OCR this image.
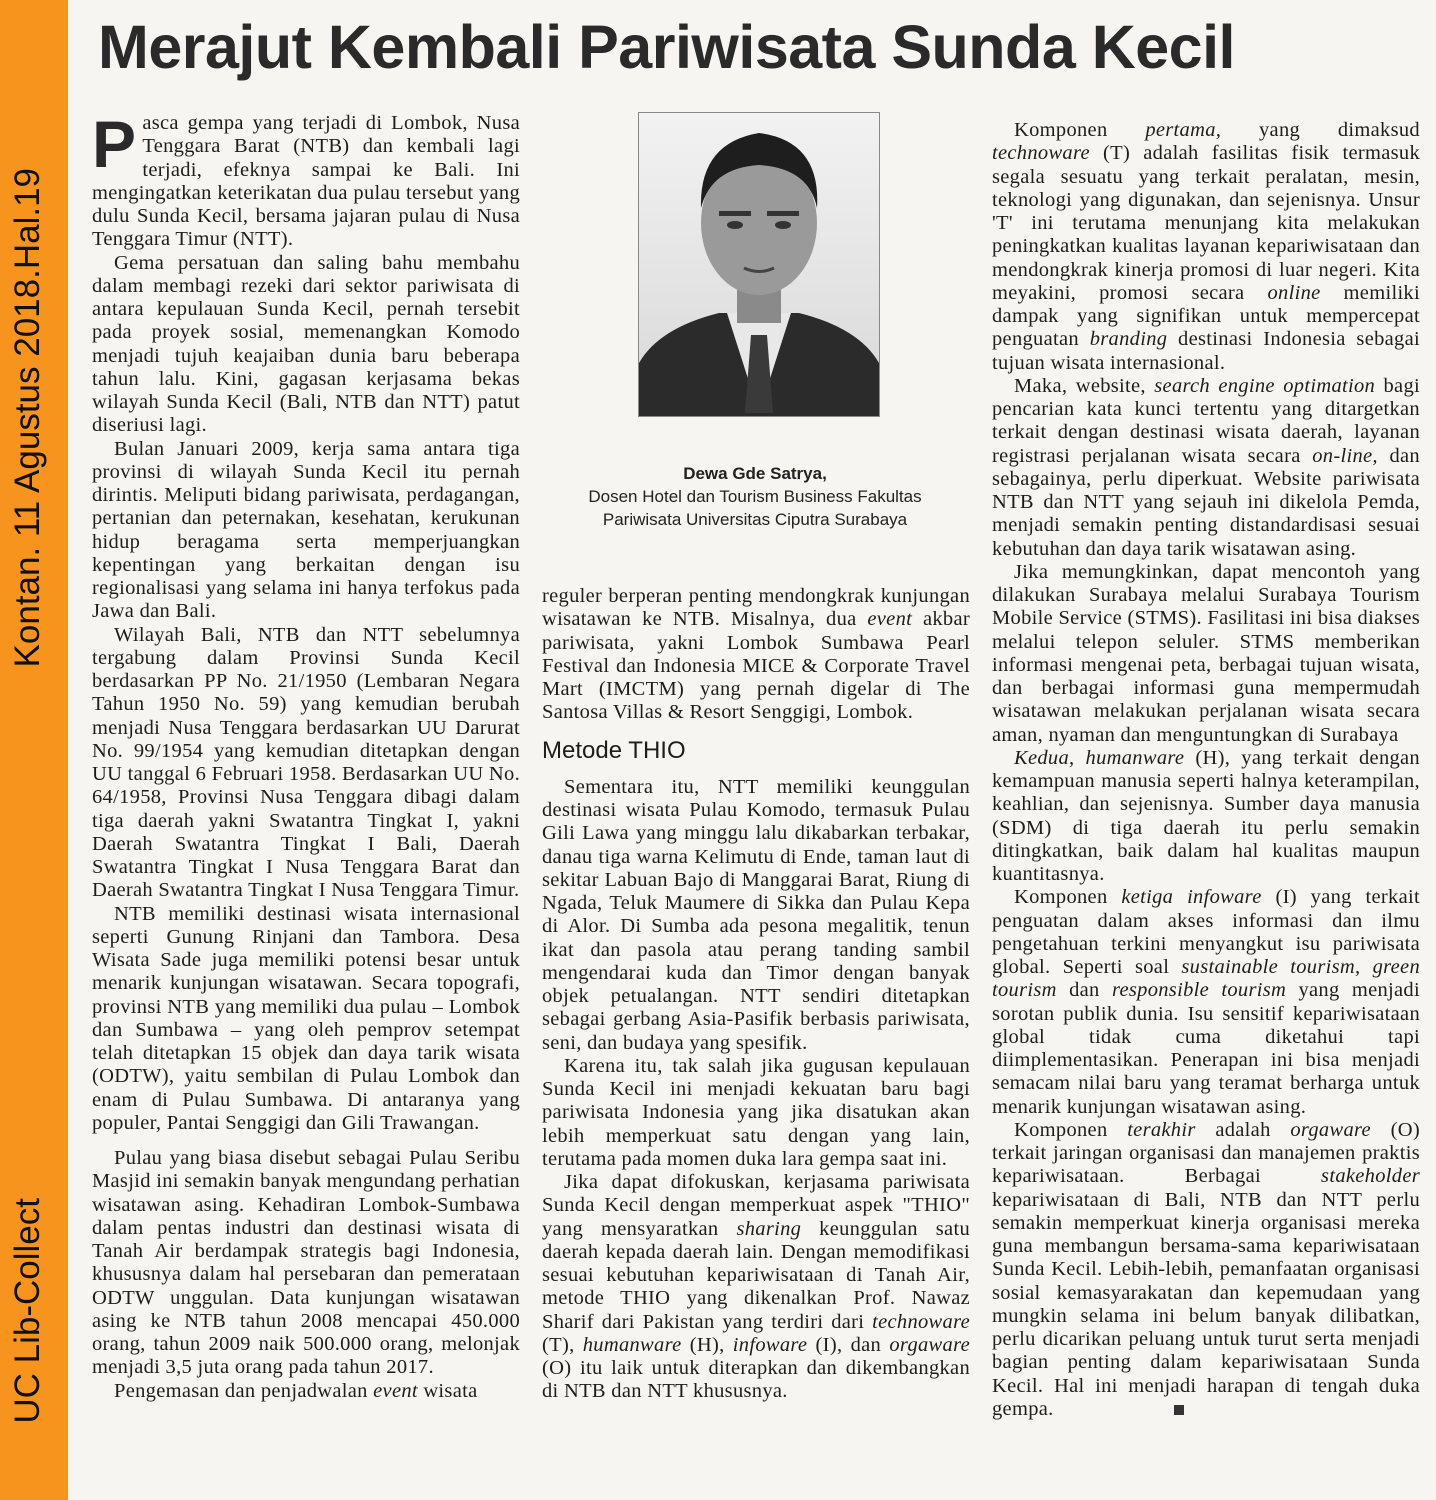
Kontan. 11 Agustus 2018.Hal.19
UC Lib-Collect
Merajut Kembali Pariwisata Sunda Kecil
P asca gempa yang terjadi di Lombok, Nusa Tenggara Barat (NTB) dan kembali lagi terjadi, efeknya sampai ke Bali. Ini mengingatkan keterikatan dua pulau tersebut yang dulu Sunda Kecil, bersama jajaran pulau di Nusa Tenggara Timur (NTT).

Gema persatuan dan saling bahu membahu dalam membagi rezeki dari sektor pariwisata di antara kepulauan Sunda Kecil, pernah tersebit pada proyek sosial, memenangkan Komodo menjadi tujuh keajaiban dunia baru beberapa tahun lalu. Kini, gagasan kerjasama bekas wilayah Sunda Kecil (Bali, NTB dan NTT) patut diseriusi lagi.

Bulan Januari 2009, kerja sama antara tiga provinsi di wilayah Sunda Kecil itu pernah dirintis. Meliputi bidang pariwisata, perdagangan, pertanian dan peternakan, kesehatan, kerukunan hidup beragama serta memperjuangkan kepentingan yang berkaitan dengan isu regionalisasi yang selama ini hanya terfokus pada Jawa dan Bali.

Wilayah Bali, NTB dan NTT sebelumnya tergabung dalam Provinsi Sunda Kecil berdasarkan PP No. 21/1950 (Lembaran Negara Tahun 1950 No. 59) yang kemudian berubah menjadi Nusa Tenggara berdasarkan UU Darurat No. 99/1954 yang kemudian ditetapkan dengan UU tanggal 6 Februari 1958. Berdasarkan UU No. 64/1958, Provinsi Nusa Tenggara dibagi dalam tiga daerah yakni Swatantra Tingkat I, yakni Daerah Swatantra Tingkat I Bali, Daerah Swatantra Tingkat I Nusa Tenggara Barat dan Daerah Swatantra Tingkat I Nusa Tenggara Timur.

NTB memiliki destinasi wisata internasional seperti Gunung Rinjani dan Tambora. Desa Wisata Sade juga memiliki potensi besar untuk menarik kunjungan wisatawan. Secara topografi, provinsi NTB yang memiliki dua pulau – Lombok dan Sumbawa – yang oleh pemprov setempat telah ditetapkan 15 objek dan daya tarik wisata (ODTW), yaitu sembilan di Pulau Lombok dan enam di Pulau Sumbawa. Di antaranya yang populer, Pantai Senggigi dan Gili Trawangan.

Pulau yang biasa disebut sebagai Pulau Seribu Masjid ini semakin banyak mengundang perhatian wisatawan asing. Kehadiran Lombok-Sumbawa dalam pentas industri dan destinasi wisata di Tanah Air berdampak strategis bagi Indonesia, khususnya dalam hal persebaran dan pemerataan ODTW unggulan. Data kunjungan wisatawan asing ke NTB tahun 2008 mencapai 450.000 orang, tahun 2009 naik 500.000 orang, melonjak menjadi 3,5 juta orang pada tahun 2017.

Pengemasan dan penjadwalan event wisata

Dewa Gde Satrya,
Dosen Hotel dan Tourism Business Fakultas
Pariwisata Universitas Ciputra Surabaya

reguler berperan penting mendongkrak kunjungan wisatawan ke NTB. Misalnya, dua event akbar pariwisata, yakni Lombok Sumbawa Pearl Festival dan Indonesia MICE & Corporate Travel Mart (IMCTM) yang pernah digelar di The Santosa Villas & Resort Senggigi, Lombok.

Metode THIO

Sementara itu, NTT memiliki keunggulan destinasi wisata Pulau Komodo, termasuk Pulau Gili Lawa yang minggu lalu dikabarkan terbakar, danau tiga warna Kelimutu di Ende, taman laut di sekitar Labuan Bajo di Manggarai Barat, Riung di Ngada, Teluk Maumere di Sikka dan Pulau Kepa di Alor. Di Sumba ada pesona megalitik, tenun ikat dan pasola atau perang tanding sambil mengendarai kuda dan Timor dengan banyak objek petualangan. NTT sendiri ditetapkan sebagai gerbang Asia-Pasifik berbasis pariwisata, seni, dan budaya yang spesifik.

Karena itu, tak salah jika gugusan kepulauan Sunda Kecil ini menjadi kekuatan baru bagi pariwisata Indonesia yang jika disatukan akan lebih memperkuat satu dengan yang lain, terutama pada momen duka lara gempa saat ini.

Jika dapat difokuskan, kerjasama pariwisata Sunda Kecil dengan memperkuat aspek "THIO" yang mensyaratkan sharing keunggulan satu daerah kepada daerah lain. Dengan memodifikasi sesuai kebutuhan kepariwisataan di Tanah Air, metode THIO yang dikenalkan Prof. Nawaz Sharif dari Pakistan yang terdiri dari technoware (T), humanware (H), infoware (I), dan orgaware (O) itu laik untuk diterapkan dan dikembangkan di NTB dan NTT khususnya.

Komponen pertama, yang dimaksud technoware (T) adalah fasilitas fisik termasuk segala sesuatu yang terkait peralatan, mesin, teknologi yang digunakan, dan sejenisnya. Unsur 'T' ini terutama menunjang kita melakukan peningkatkan kualitas layanan kepariwisataan dan mendongkrak kinerja promosi di luar negeri. Kita meyakini, promosi secara online memiliki dampak yang signifikan untuk mempercepat penguatan branding destinasi Indonesia sebagai tujuan wisata internasional.

Maka, website, search engine optimation bagi pencarian kata kunci tertentu yang ditargetkan terkait dengan destinasi wisata daerah, layanan registrasi perjalanan wisata secara on-line, dan sebagainya, perlu diperkuat. Website pariwisata NTB dan NTT yang sejauh ini dikelola Pemda, menjadi semakin penting distandardisasi sesuai kebutuhan dan daya tarik wisatawan asing.

Jika memungkinkan, dapat mencontoh yang dilakukan Surabaya melalui Surabaya Tourism Mobile Service (STMS). Fasilitasi ini bisa diakses melalui telepon seluler. STMS memberikan informasi mengenai peta, berbagai tujuan wisata, dan berbagai informasi guna mempermudah wisatawan melakukan perjalanan wisata secara aman, nyaman dan menguntungkan di Surabaya

Kedua, humanware (H), yang terkait dengan kemampuan manusia seperti halnya keterampilan, keahlian, dan sejenisnya. Sumber daya manusia (SDM) di tiga daerah itu perlu semakin ditingkatkan, baik dalam hal kualitas maupun kuantitasnya.

Komponen ketiga infoware (I) yang terkait penguatan dalam akses informasi dan ilmu pengetahuan terkini menyangkut isu pariwisata global. Seperti soal sustainable tourism, green tourism dan responsible tourism yang menjadi sorotan publik dunia. Isu sensitif kepariwisataan global tidak cuma diketahui tapi diimplementasikan. Penerapan ini bisa menjadi semacam nilai baru yang teramat berharga untuk menarik kunjungan wisatawan asing.

Komponen terakhir adalah orgaware (O) terkait jaringan organisasi dan manajemen praktis kepariwisataan. Berbagai stakeholder kepariwisataan di Bali, NTB dan NTT perlu semakin memperkuat kinerja organisasi mereka guna membangun bersama-sama kepariwisataan Sunda Kecil. Lebih-lebih, pemanfaatan organisasi sosial kemasyarakatan dan kepemudaan yang mungkin selama ini belum banyak dilibatkan, perlu dicarikan peluang untuk turut serta menjadi bagian penting dalam kepariwisataan Sunda Kecil. Hal ini menjadi harapan di tengah duka gempa.
